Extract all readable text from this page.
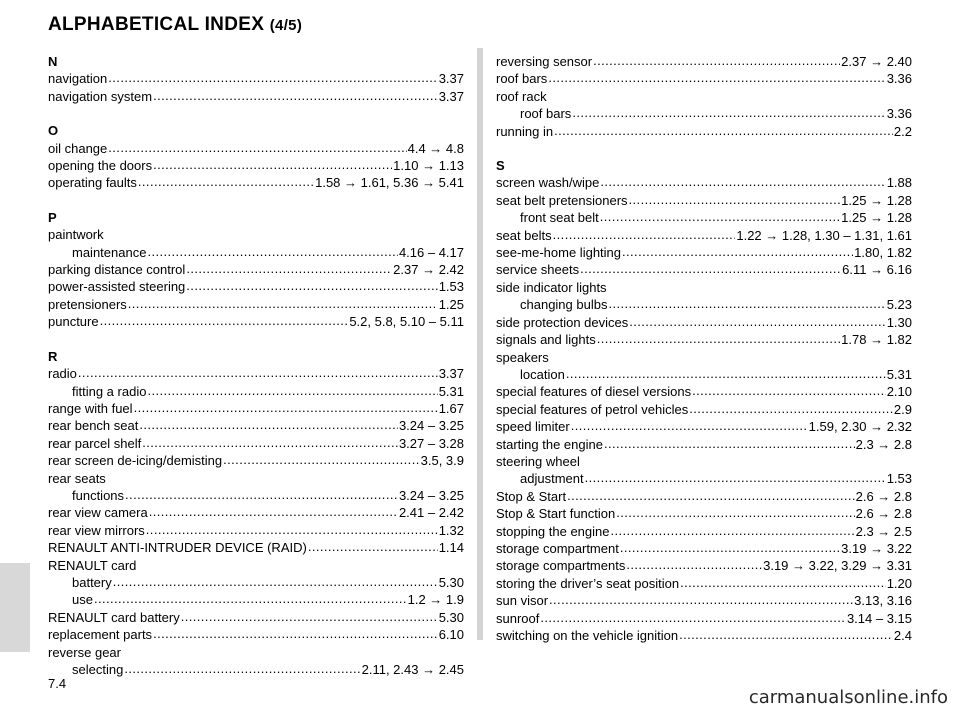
ALPHABETICAL INDEX (4/5)
N
navigation .....	3.37
navigation system .....	3.37
O
oil change .....	4.4 → 4.8
opening the doors .....	1.10 → 1.13
operating faults .....	1.58 → 1.61, 5.36 → 5.41
P
paintwork
maintenance .....	4.16 – 4.17
parking distance control .....	2.37 → 2.42
power-assisted steering .....	1.53
pretensioners .....	1.25
puncture .....	5.2, 5.8, 5.10 – 5.11
R
radio .....	3.37
fitting a radio .....	5.31
range with fuel .....	1.67
rear bench seat .....	3.24 – 3.25
rear parcel shelf .....	3.27 – 3.28
rear screen de-icing/demisting .....	3.5, 3.9
rear seats
functions .....	3.24 – 3.25
rear view camera .....	2.41 – 2.42
rear view mirrors .....	1.32
RENAULT ANTI-INTRUDER DEVICE (RAID) .....	1.14
RENAULT card
battery .....	5.30
use .....	1.2 → 1.9
RENAULT card battery .....	5.30
replacement parts .....	6.10
reverse gear
selecting .....	2.11, 2.43 → 2.45
reversing sensor .....	2.37 → 2.40
roof bars .....	3.36
roof rack
roof bars .....	3.36
running in .....	2.2
S
screen wash/wipe .....	1.88
seat belt pretensioners .....	1.25 → 1.28
front seat belt .....	1.25 → 1.28
seat belts .....	1.22 → 1.28, 1.30 – 1.31, 1.61
see-me-home lighting .....	1.80, 1.82
service sheets .....	6.11 → 6.16
side indicator lights
changing bulbs .....	5.23
side protection devices .....	1.30
signals and lights .....	1.78 → 1.82
speakers
location .....	5.31
special features of diesel versions .....	2.10
special features of petrol vehicles .....	2.9
speed limiter .....	1.59, 2.30 → 2.32
starting the engine .....	2.3 → 2.8
steering wheel
adjustment .....	1.53
Stop & Start .....	2.6 → 2.8
Stop & Start function .....	2.6 → 2.8
stopping the engine .....	2.3 → 2.5
storage compartment .....	3.19 → 3.22
storage compartments .....	3.19 → 3.22, 3.29 → 3.31
storing the driver’s seat position .....	1.20
sun visor .....	3.13, 3.16
sunroof .....	3.14 – 3.15
switching on the vehicle ignition .....	2.4
7.4
carmanualsonline.info
